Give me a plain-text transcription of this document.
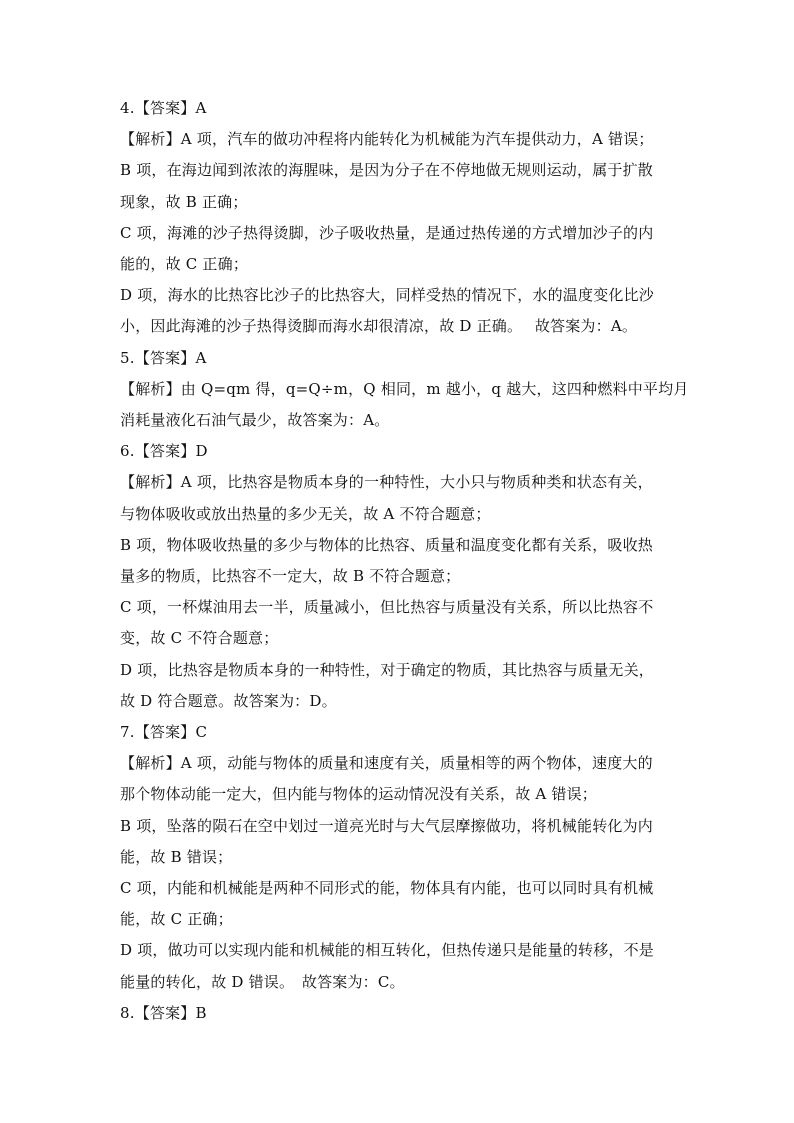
4.【答案】A
【解析】A 项，汽车的做功冲程将内能转化为机械能为汽车提供动力，A 错误；
B 项，在海边闻到浓浓的海腥味，是因为分子在不停地做无规则运动，属于扩散
现象，故 B 正确；
C 项，海滩的沙子热得烫脚，沙子吸收热量，是通过热传递的方式增加沙子的内
能的，故 C 正确；
D 项，海水的比热容比沙子的比热容大，同样受热的情况下，水的温度变化比沙
小，因此海滩的沙子热得烫脚而海水却很清凉，故 D 正确。　 故答案为：A。
5.【答案】A
【解析】由 Q=qm 得，q=Q÷m，Q 相同，m 越小，q 越大，这四种燃料中平均月
消耗量液化石油气最少，故答案为：A。
6.【答案】D
【解析】A 项，比热容是物质本身的一种特性，大小只与物质种类和状态有关，
与物体吸收或放出热量的多少无关，故 A 不符合题意；
B 项，物体吸收热量的多少与物体的比热容、质量和温度变化都有关系，吸收热
量多的物质，比热容不一定大，故 B 不符合题意；
C 项，一杯煤油用去一半，质量减小，但比热容与质量没有关系，所以比热容不
变，故 C 不符合题意；
D 项，比热容是物质本身的一种特性，对于确定的物质，其比热容与质量无关，
故 D 符合题意。故答案为：D。
7.【答案】C
【解析】A 项，动能与物体的质量和速度有关，质量相等的两个物体，速度大的
那个物体动能一定大，但内能与物体的运动情况没有关系，故 A 错误；
B 项，坠落的陨石在空中划过一道亮光时与大气层摩擦做功，将机械能转化为内
能，故 B 错误；
C 项，内能和机械能是两种不同形式的能，物体具有内能，也可以同时具有机械
能，故 C 正确；
D 项，做功可以实现内能和机械能的相互转化，但热传递只是能量的转移，不是
能量的转化，故 D 错误。　故答案为：C。
8.【答案】B
